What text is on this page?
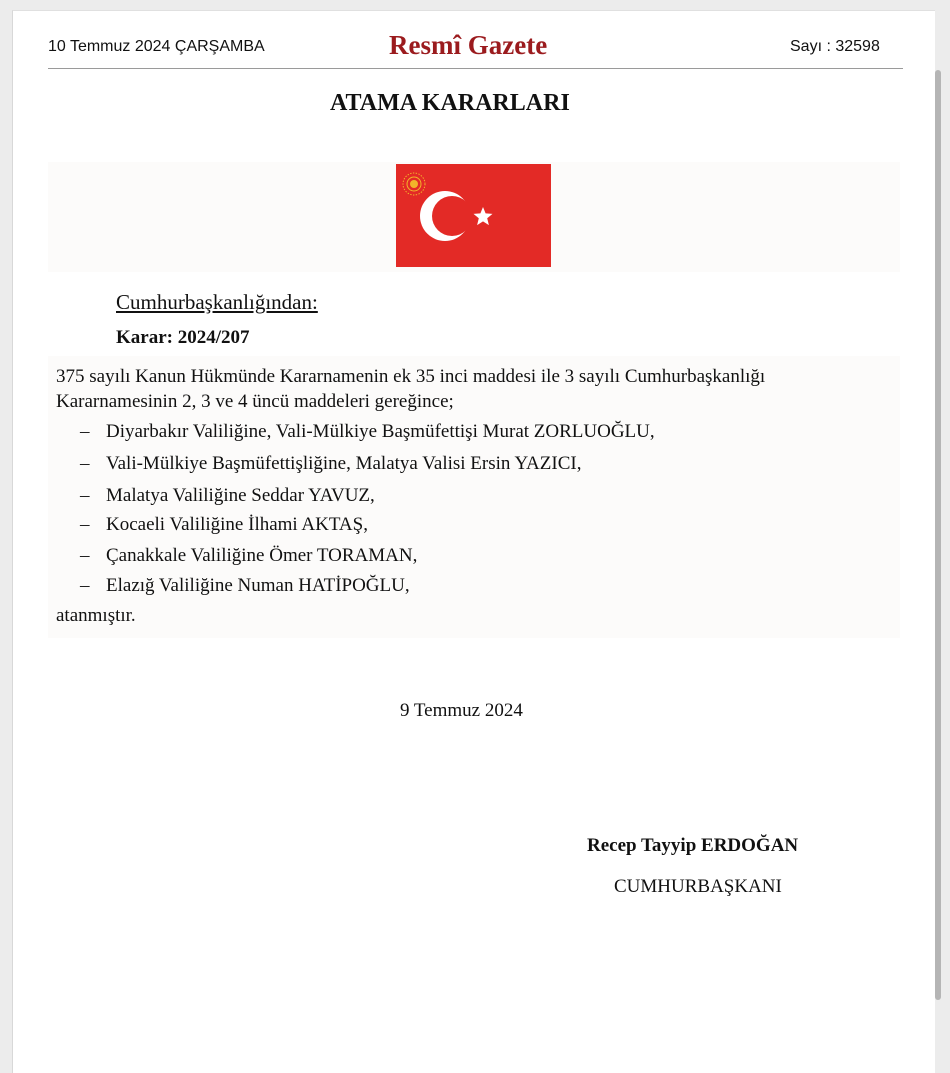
10 Temmuz 2024 ÇARŞAMBA	Resmî Gazete	Sayı : 32598
ATAMA KARARLARI
Cumhurbaşkanlığından:
Karar: 2024/207
375 sayılı Kanun Hükmünde Kararnamenin ek 35 inci maddesi ile 3 sayılı Cumhurbaşkanlığı
Kararnamesinin 2, 3 ve 4 üncü maddeleri gereğince;
– Diyarbakır Valiliğine, Vali-Mülkiye Başmüfettişi Murat ZORLUOĞLU,
– Vali-Mülkiye Başmüfettişliğine, Malatya Valisi Ersin YAZICI,
– Malatya Valiliğine Seddar YAVUZ,
– Kocaeli Valiliğine İlhami AKTAŞ,
– Çanakkale Valiliğine Ömer TORAMAN,
– Elazığ Valiliğine Numan HATİPOĞLU,
atanmıştır.
9 Temmuz 2024
Recep Tayyip ERDOĞAN
CUMHURBAŞKANI
